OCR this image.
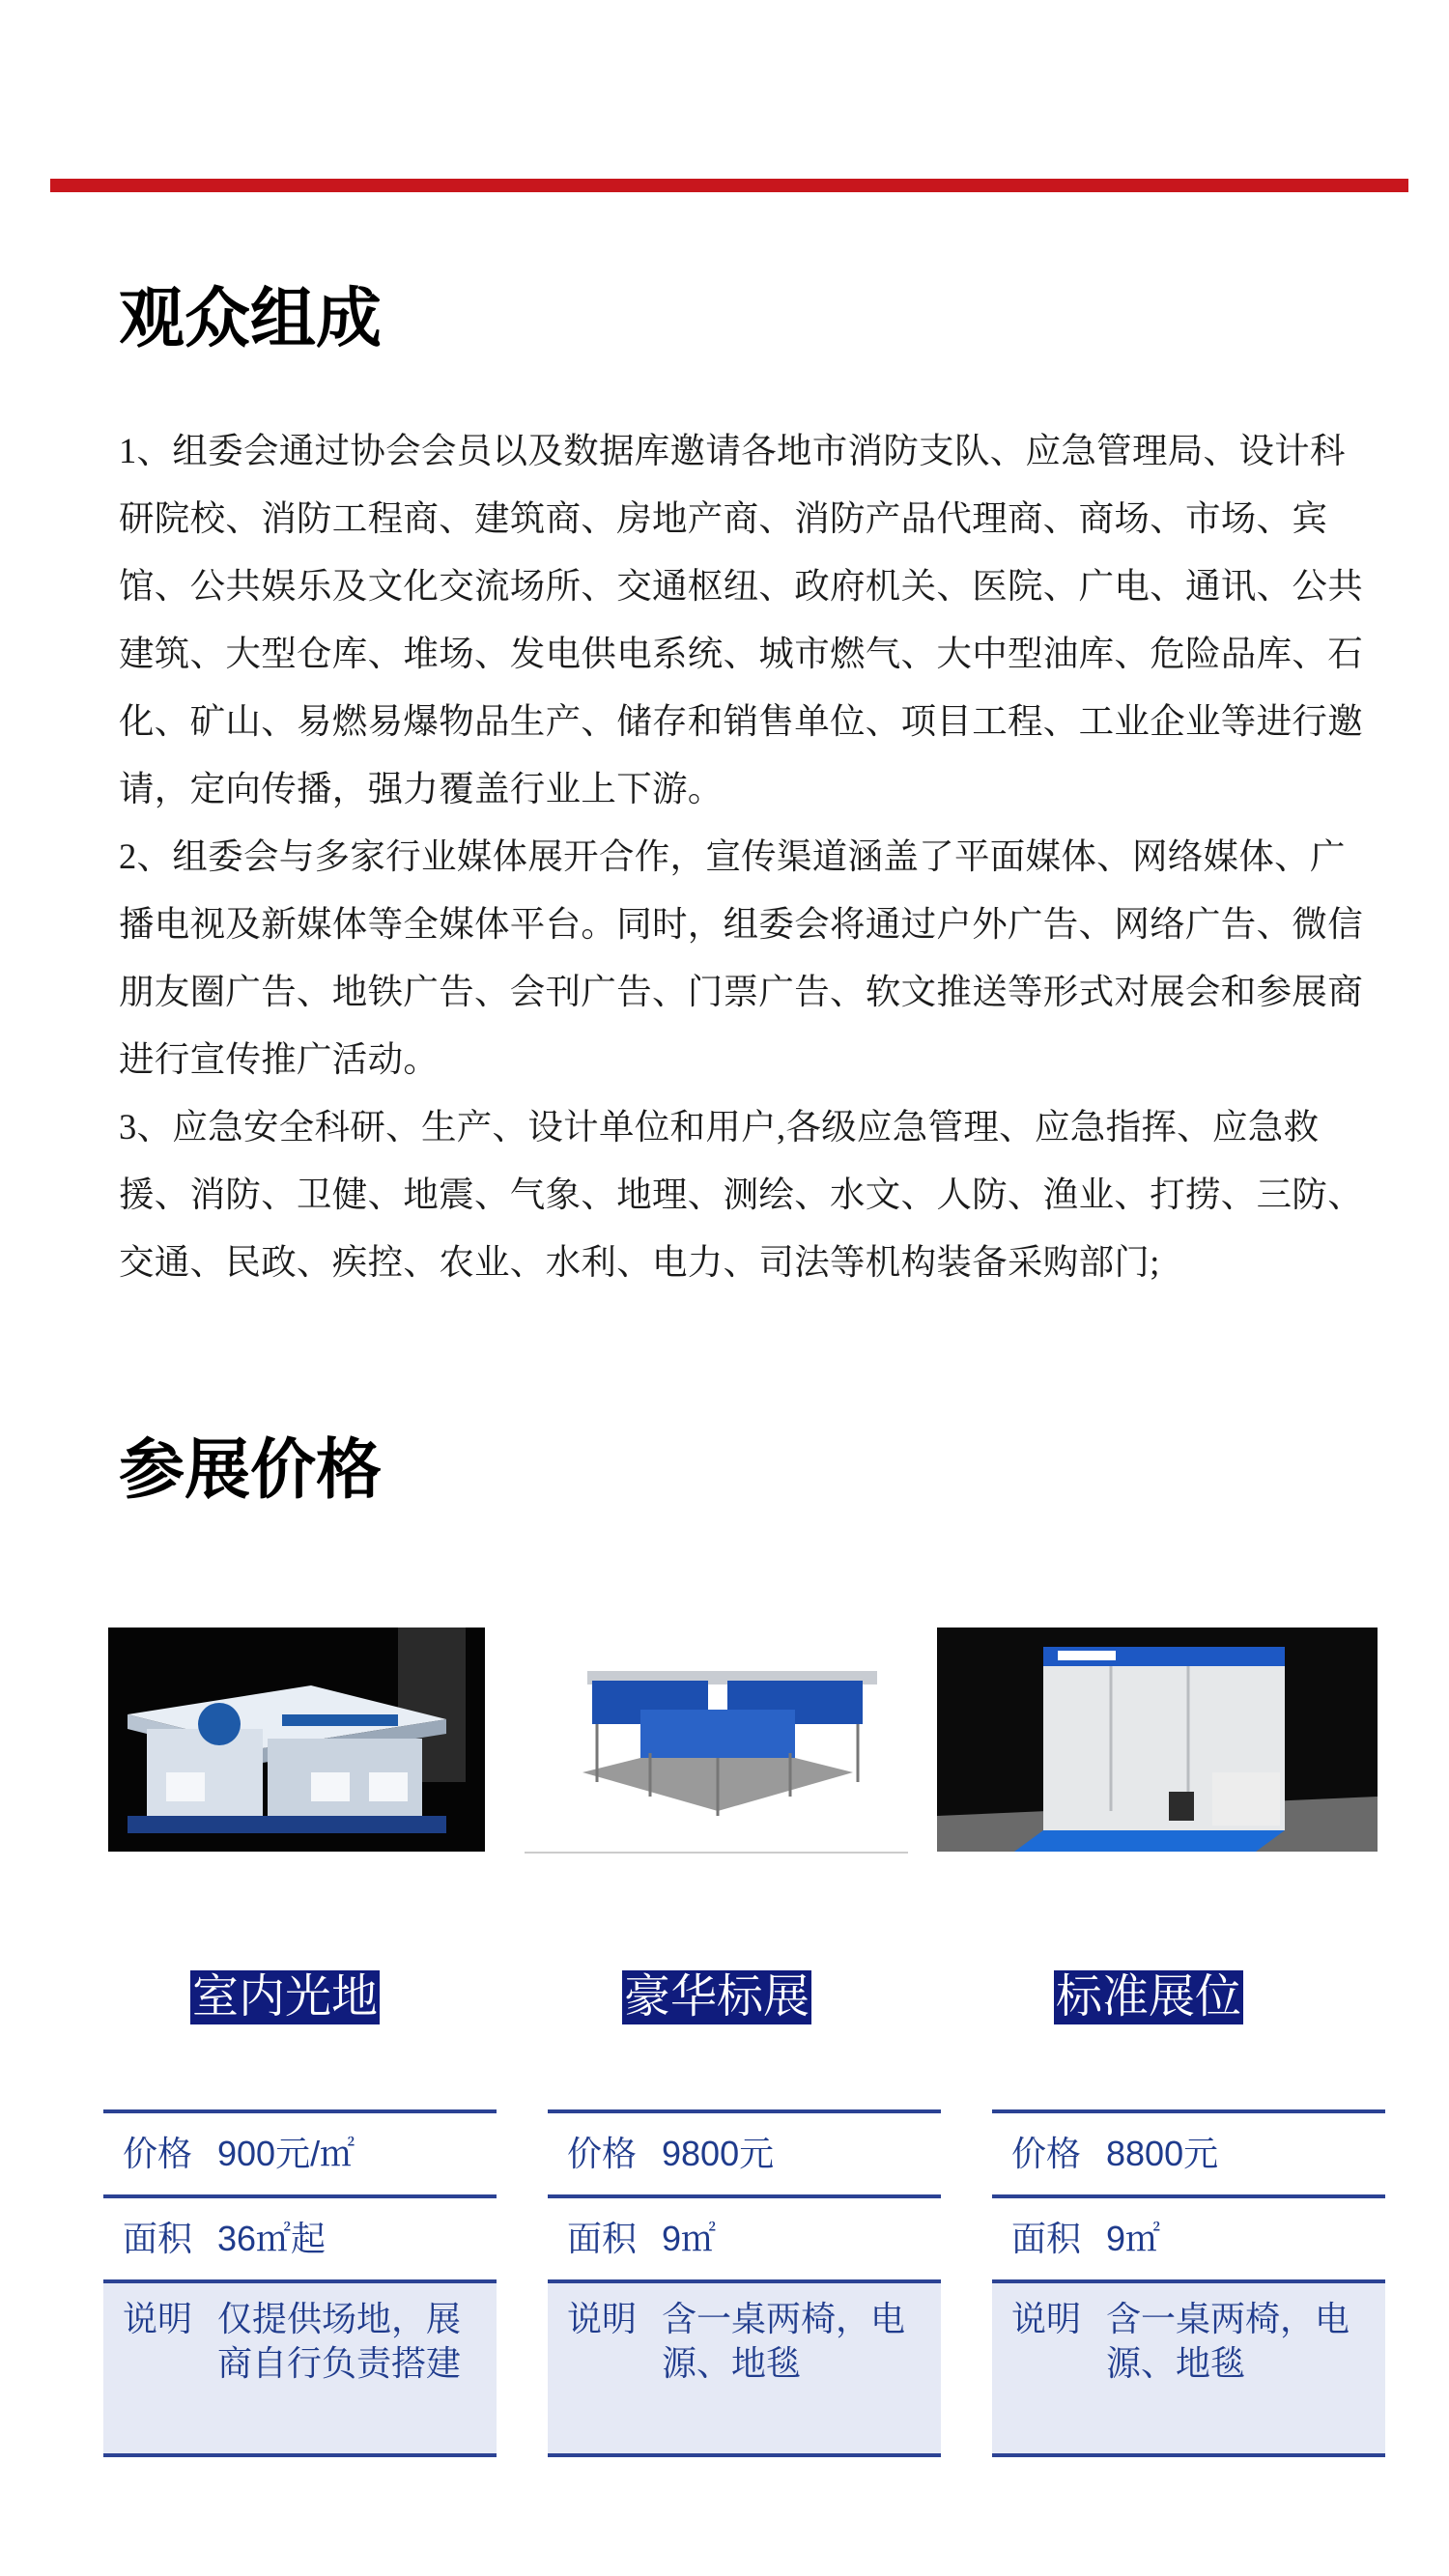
观众组成

1、组委会通过协会会员以及数据库邀请各地市消防支队、应急管理局、设计科研院校、消防工程商、建筑商、房地产商、消防产品代理商、商场、市场、宾馆、公共娱乐及文化交流场所、交通枢纽、政府机关、医院、广电、通讯、公共建筑、大型仓库、堆场、发电供电系统、城市燃气、大中型油库、危险品库、石化、矿山、易燃易爆物品生产、储存和销售单位、项目工程、工业企业等进行邀请，定向传播，强力覆盖行业上下游。

2、组委会与多家行业媒体展开合作，宣传渠道涵盖了平面媒体、网络媒体、广播电视及新媒体等全媒体平台。同时，组委会将通过户外广告、网络广告、微信朋友圈广告、地铁广告、会刊广告、门票广告、软文推送等形式对展会和参展商进行宣传推广活动。

3、应急安全科研、生产、设计单位和用户,各级应急管理、应急指挥、应急救援、消防、卫健、地震、气象、地理、测绘、水文、人防、渔业、打捞、三防、交通、民政、疾控、农业、水利、电力、司法等机构装备采购部门;

参展价格
室内光地	豪华标展	标准展位
价格 900元/㎡
面积 36㎡起
说明 仅提供场地，展商自行负责搭建
价格 9800元
面积 9㎡
说明 含一桌两椅，电源、地毯
价格 8800元
面积 9㎡
说明 含一桌两椅，电源、地毯
